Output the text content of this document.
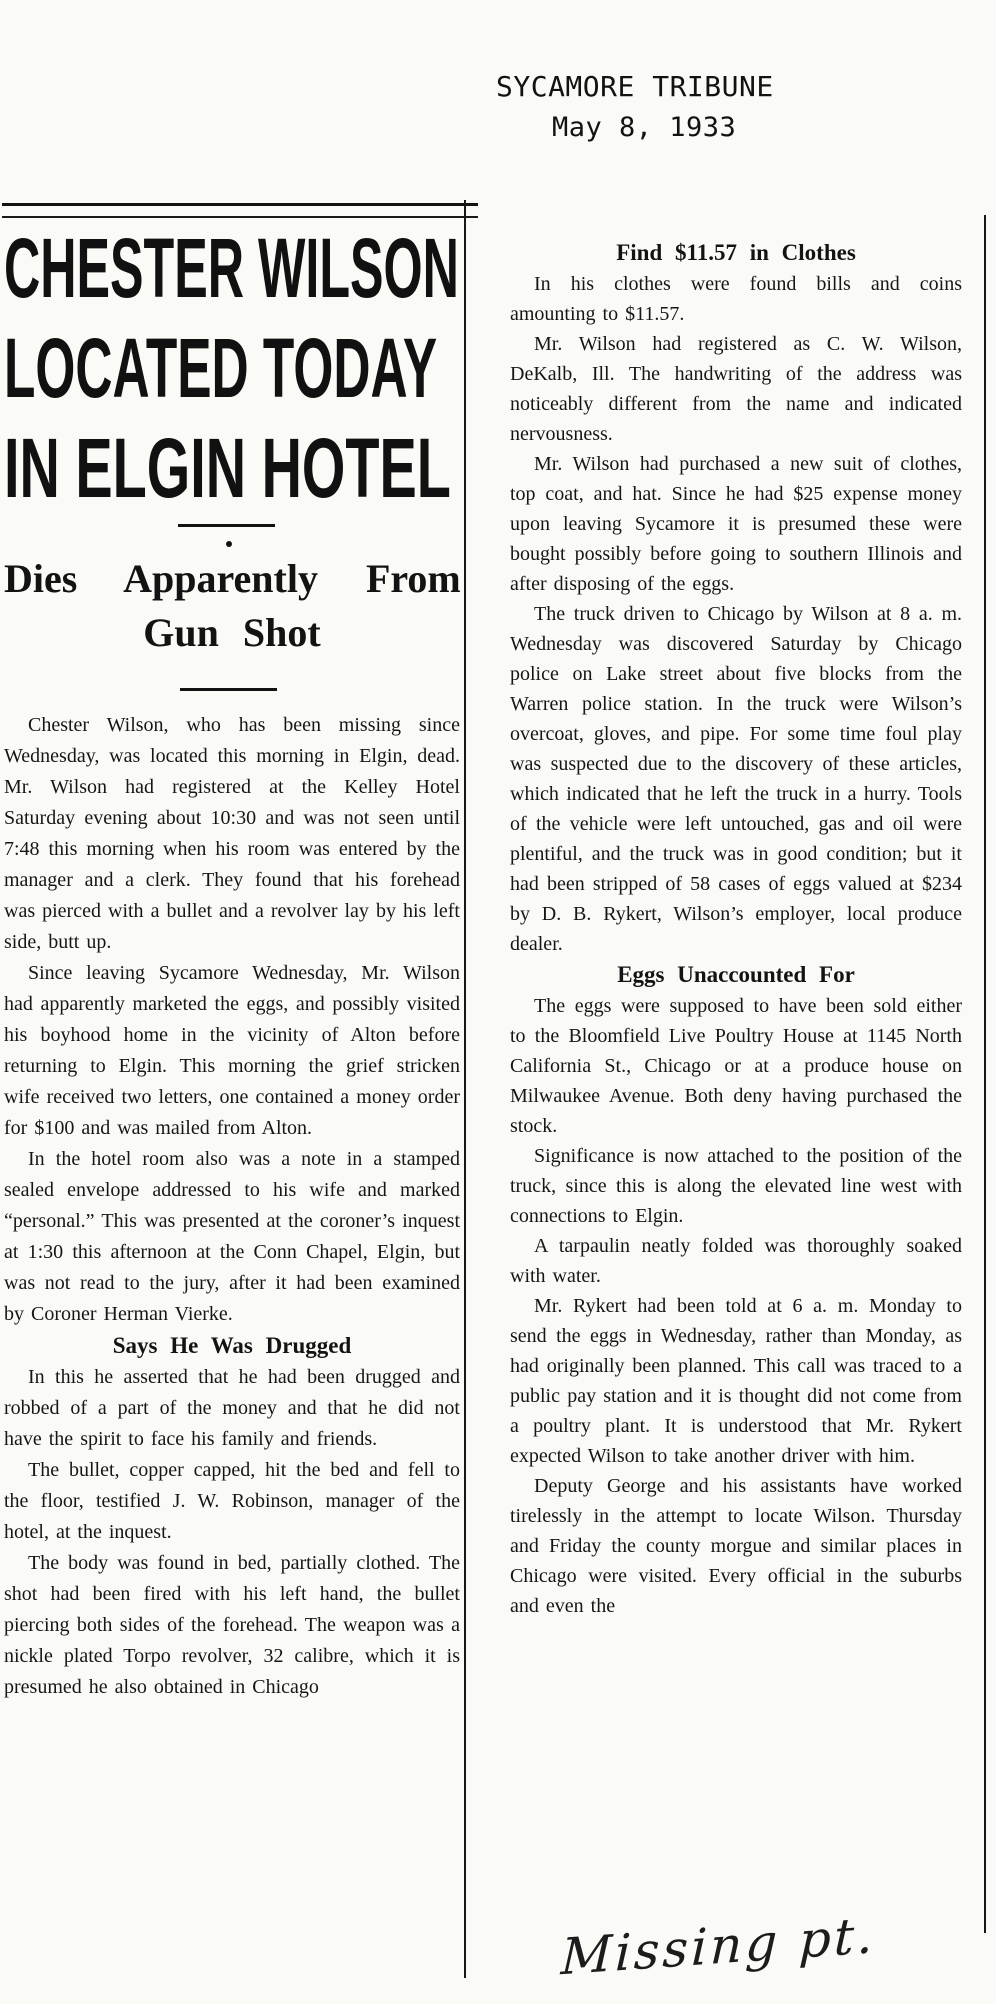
SYCAMORE TRIBUNE
May 8, 1933
CHESTER WILSON
LOCATED TODAY
IN ELGIN HOTEL
Dies Apparently From
Gun Shot

Chester Wilson, who has been missing since Wednesday, was located this morning in Elgin, dead. Mr. Wilson had registered at the Kelley Hotel Saturday evening about 10:30 and was not seen until 7:48 this morning when his room was entered by the manager and a clerk. They found that his forehead was pierced with a bullet and a revolver lay by his left side, butt up.

Since leaving Sycamore Wednesday, Mr. Wilson had apparently marketed the eggs, and possibly visited his boyhood home in the vicinity of Alton before returning to Elgin. This morning the grief stricken wife received two letters, one contained a money order for $100 and was mailed from Alton.

In the hotel room also was a note in a stamped sealed envelope addressed to his wife and marked “personal.” This was presented at the coroner’s inquest at 1:30 this afternoon at the Conn Chapel, Elgin, but was not read to the jury, after it had been examined by Coroner Herman Vierke.

Says He Was Drugged

In this he asserted that he had been drugged and robbed of a part of the money and that he did not have the spirit to face his family and friends.

The bullet, copper capped, hit the bed and fell to the floor, testified J. W. Robinson, manager of the hotel, at the inquest.

The body was found in bed, partially clothed. The shot had been fired with his left hand, the bullet piercing both sides of the forehead. The weapon was a nickle plated Torpo revolver, 32 calibre, which it is presumed he also obtained in Chicago

Find $11.57 in Clothes

In his clothes were found bills and coins amounting to $11.57.

Mr. Wilson had registered as C. W. Wilson, DeKalb, Ill. The handwriting of the address was noticeably different from the name and indicated nervousness.

Mr. Wilson had purchased a new suit of clothes, top coat, and hat. Since he had $25 expense money upon leaving Sycamore it is presumed these were bought possibly before going to southern Illinois and after disposing of the eggs.

The truck driven to Chicago by Wilson at 8 a. m. Wednesday was discovered Saturday by Chicago police on Lake street about five blocks from the Warren police station. In the truck were Wilson’s overcoat, gloves, and pipe. For some time foul play was suspected due to the discovery of these articles, which indicated that he left the truck in a hurry. Tools of the vehicle were left untouched, gas and oil were plentiful, and the truck was in good condition; but it had been stripped of 58 cases of eggs valued at $234 by D. B. Rykert, Wilson’s employer, local produce dealer.

Eggs Unaccounted For

The eggs were supposed to have been sold either to the Bloomfield Live Poultry House at 1145 North California St., Chicago or at a produce house on Milwaukee Avenue. Both deny having purchased the stock.

Significance is now attached to the position of the truck, since this is along the elevated line west with connections to Elgin.

A tarpaulin neatly folded was thoroughly soaked with water.

Mr. Rykert had been told at 6 a. m. Monday to send the eggs in Wednesday, rather than Monday, as had originally been planned. This call was traced to a public pay station and it is thought did not come from a poultry plant. It is understood that Mr. Rykert expected Wilson to take another driver with him.

Deputy George and his assistants have worked tirelessly in the attempt to locate Wilson. Thursday and Friday the county morgue and similar places in Chicago were visited. Every official in the suburbs and even the

Missing pt.
